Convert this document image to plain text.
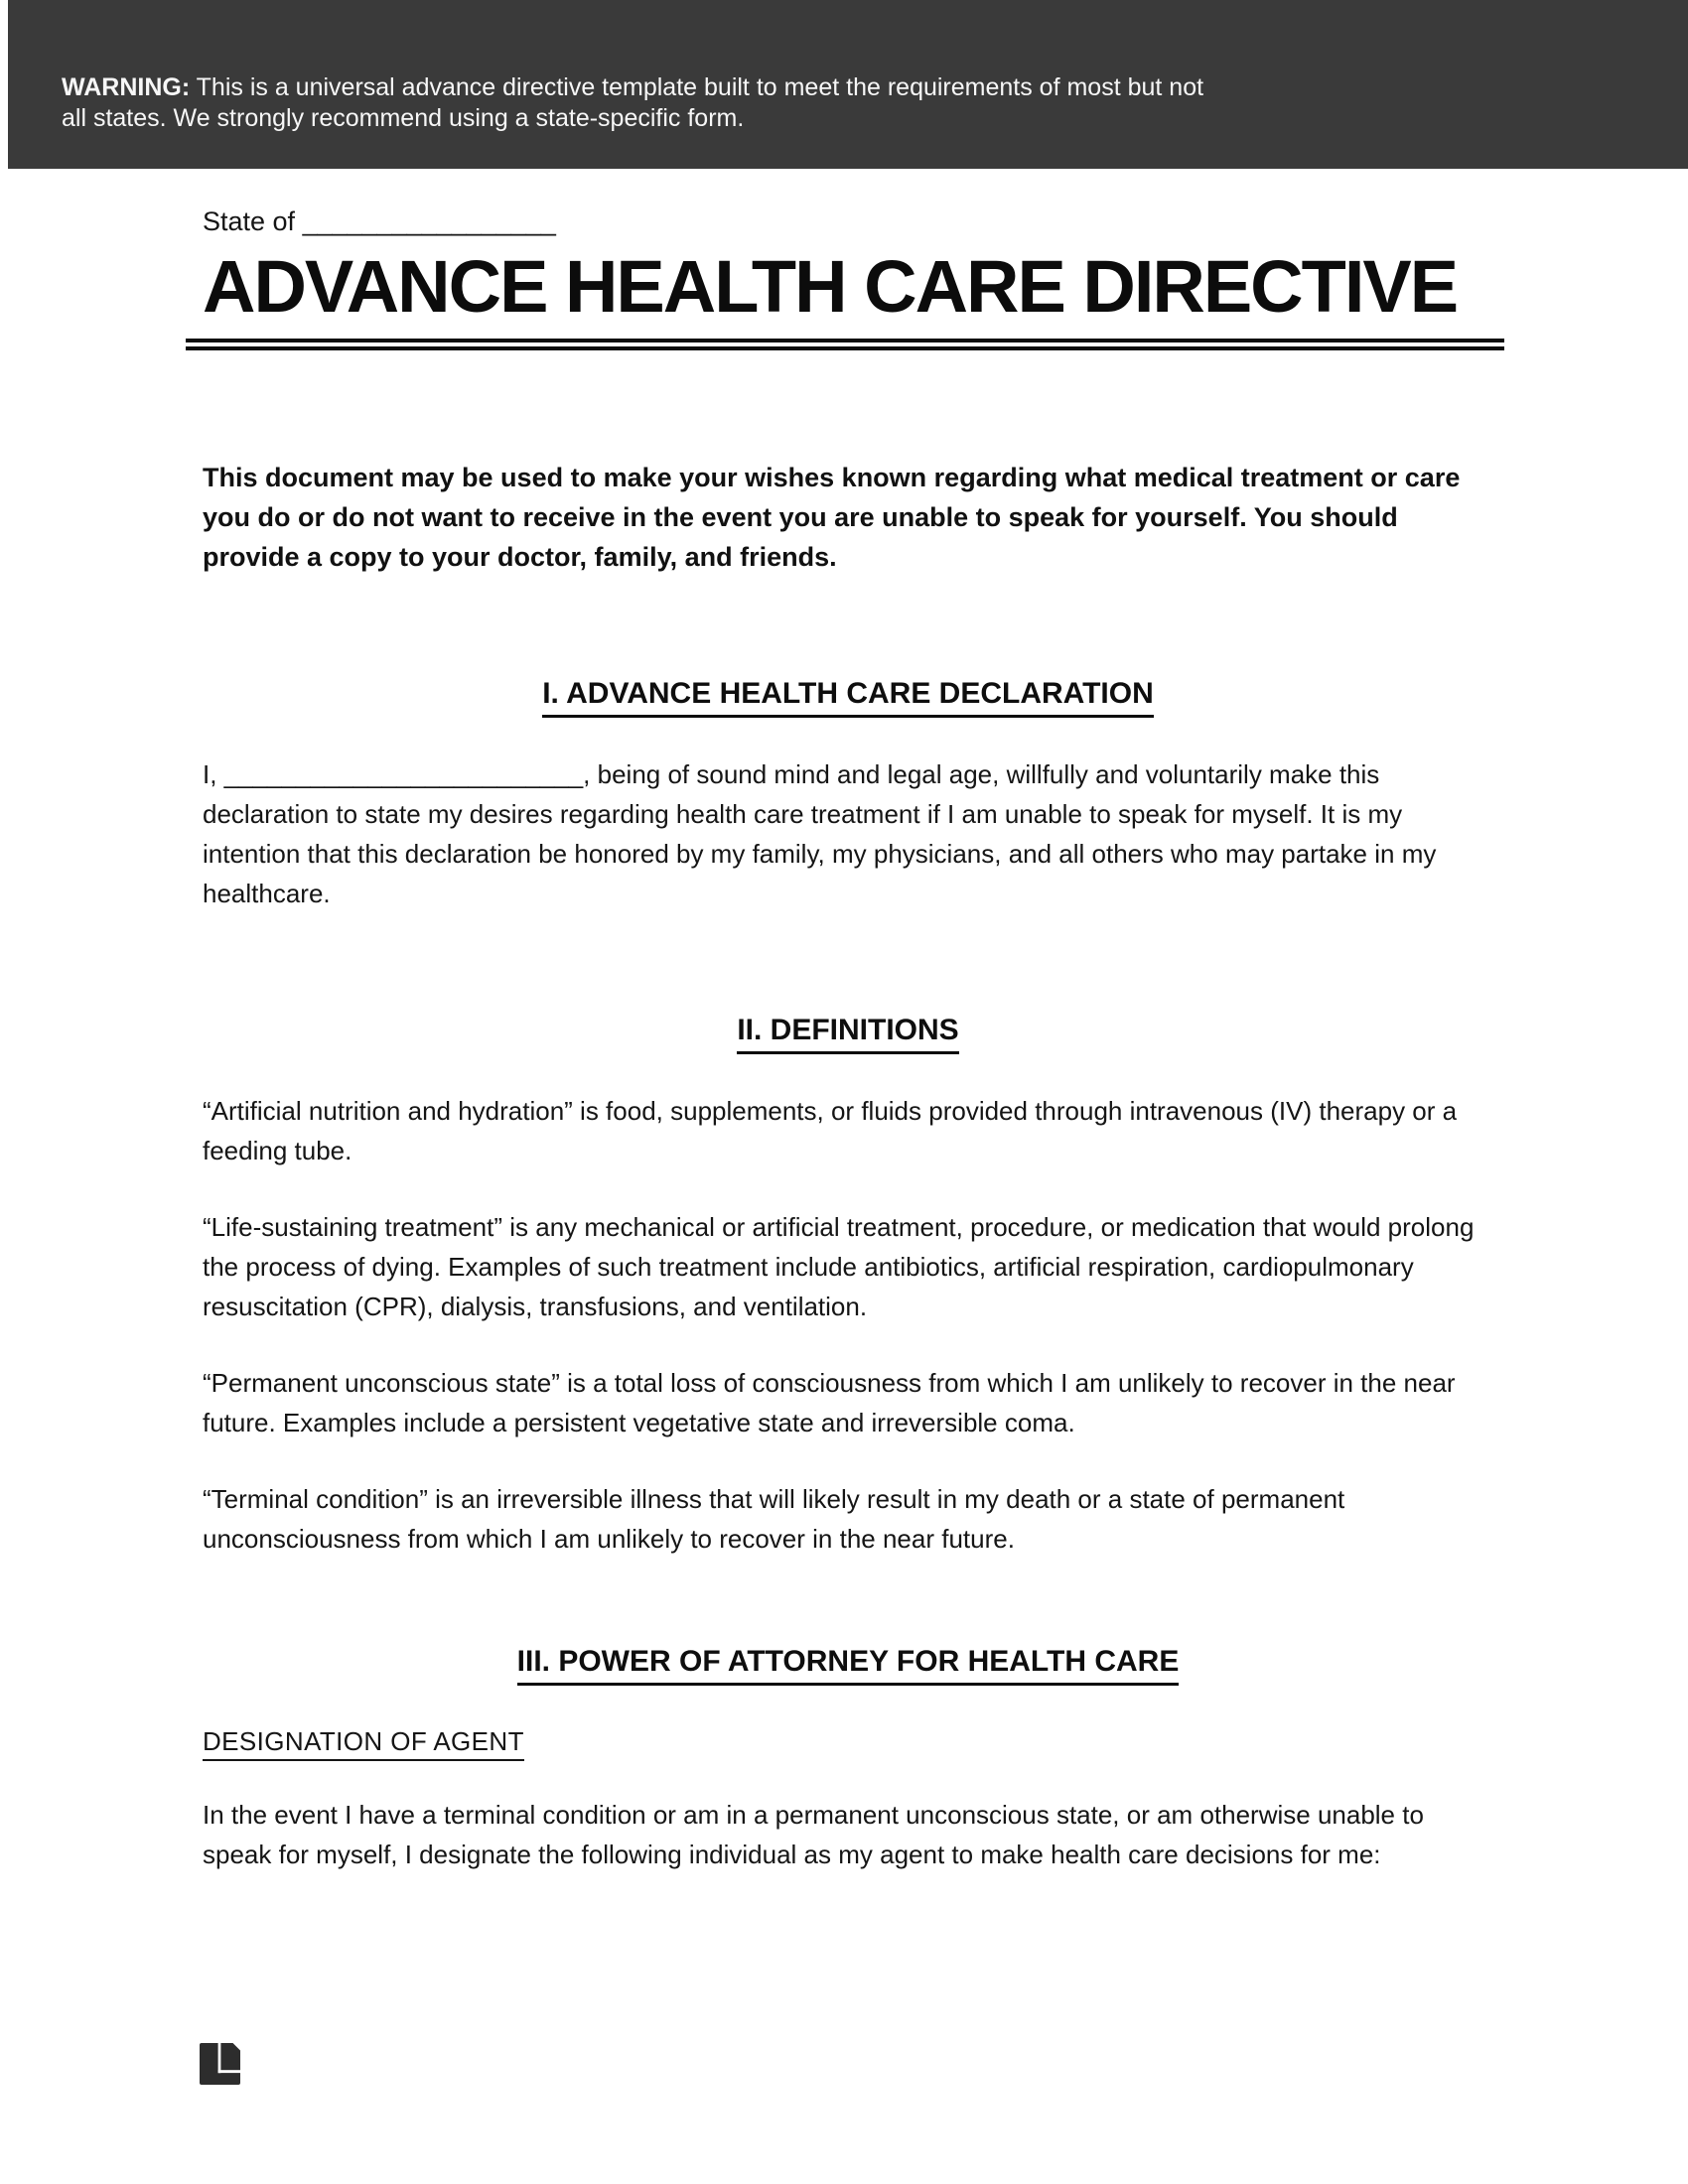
WARNING: This is a universal advance directive template built to meet the requirements of most but not
all states. We strongly recommend using a state-specific form.

State of _________________
ADVANCE HEALTH CARE DIRECTIVE

This document may be used to make your wishes known regarding what medical treatment or care you do or do not want to receive in the event you are unable to speak for yourself. You should provide a copy to your doctor, family, and friends.

I. ADVANCE HEALTH CARE DECLARATION

I, _________________________, being of sound mind and legal age, willfully and voluntarily make this declaration to state my desires regarding health care treatment if I am unable to speak for myself. It is my intention that this declaration be honored by my family, my physicians, and all others who may partake in my healthcare.

II. DEFINITIONS

“Artificial nutrition and hydration” is food, supplements, or fluids provided through intravenous (IV) therapy or a feeding tube.

“Life-sustaining treatment” is any mechanical or artificial treatment, procedure, or medication that would prolong the process of dying. Examples of such treatment include antibiotics, artificial respiration, cardiopulmonary resuscitation (CPR), dialysis, transfusions, and ventilation.

“Permanent unconscious state” is a total loss of consciousness from which I am unlikely to recover in the near future. Examples include a persistent vegetative state and irreversible coma.

“Terminal condition” is an irreversible illness that will likely result in my death or a state of permanent unconsciousness from which I am unlikely to recover in the near future.

III. POWER OF ATTORNEY FOR HEALTH CARE
DESIGNATION OF AGENT

In the event I have a terminal condition or am in a permanent unconscious state, or am otherwise unable to speak for myself, I designate the following individual as my agent to make health care decisions for me:
